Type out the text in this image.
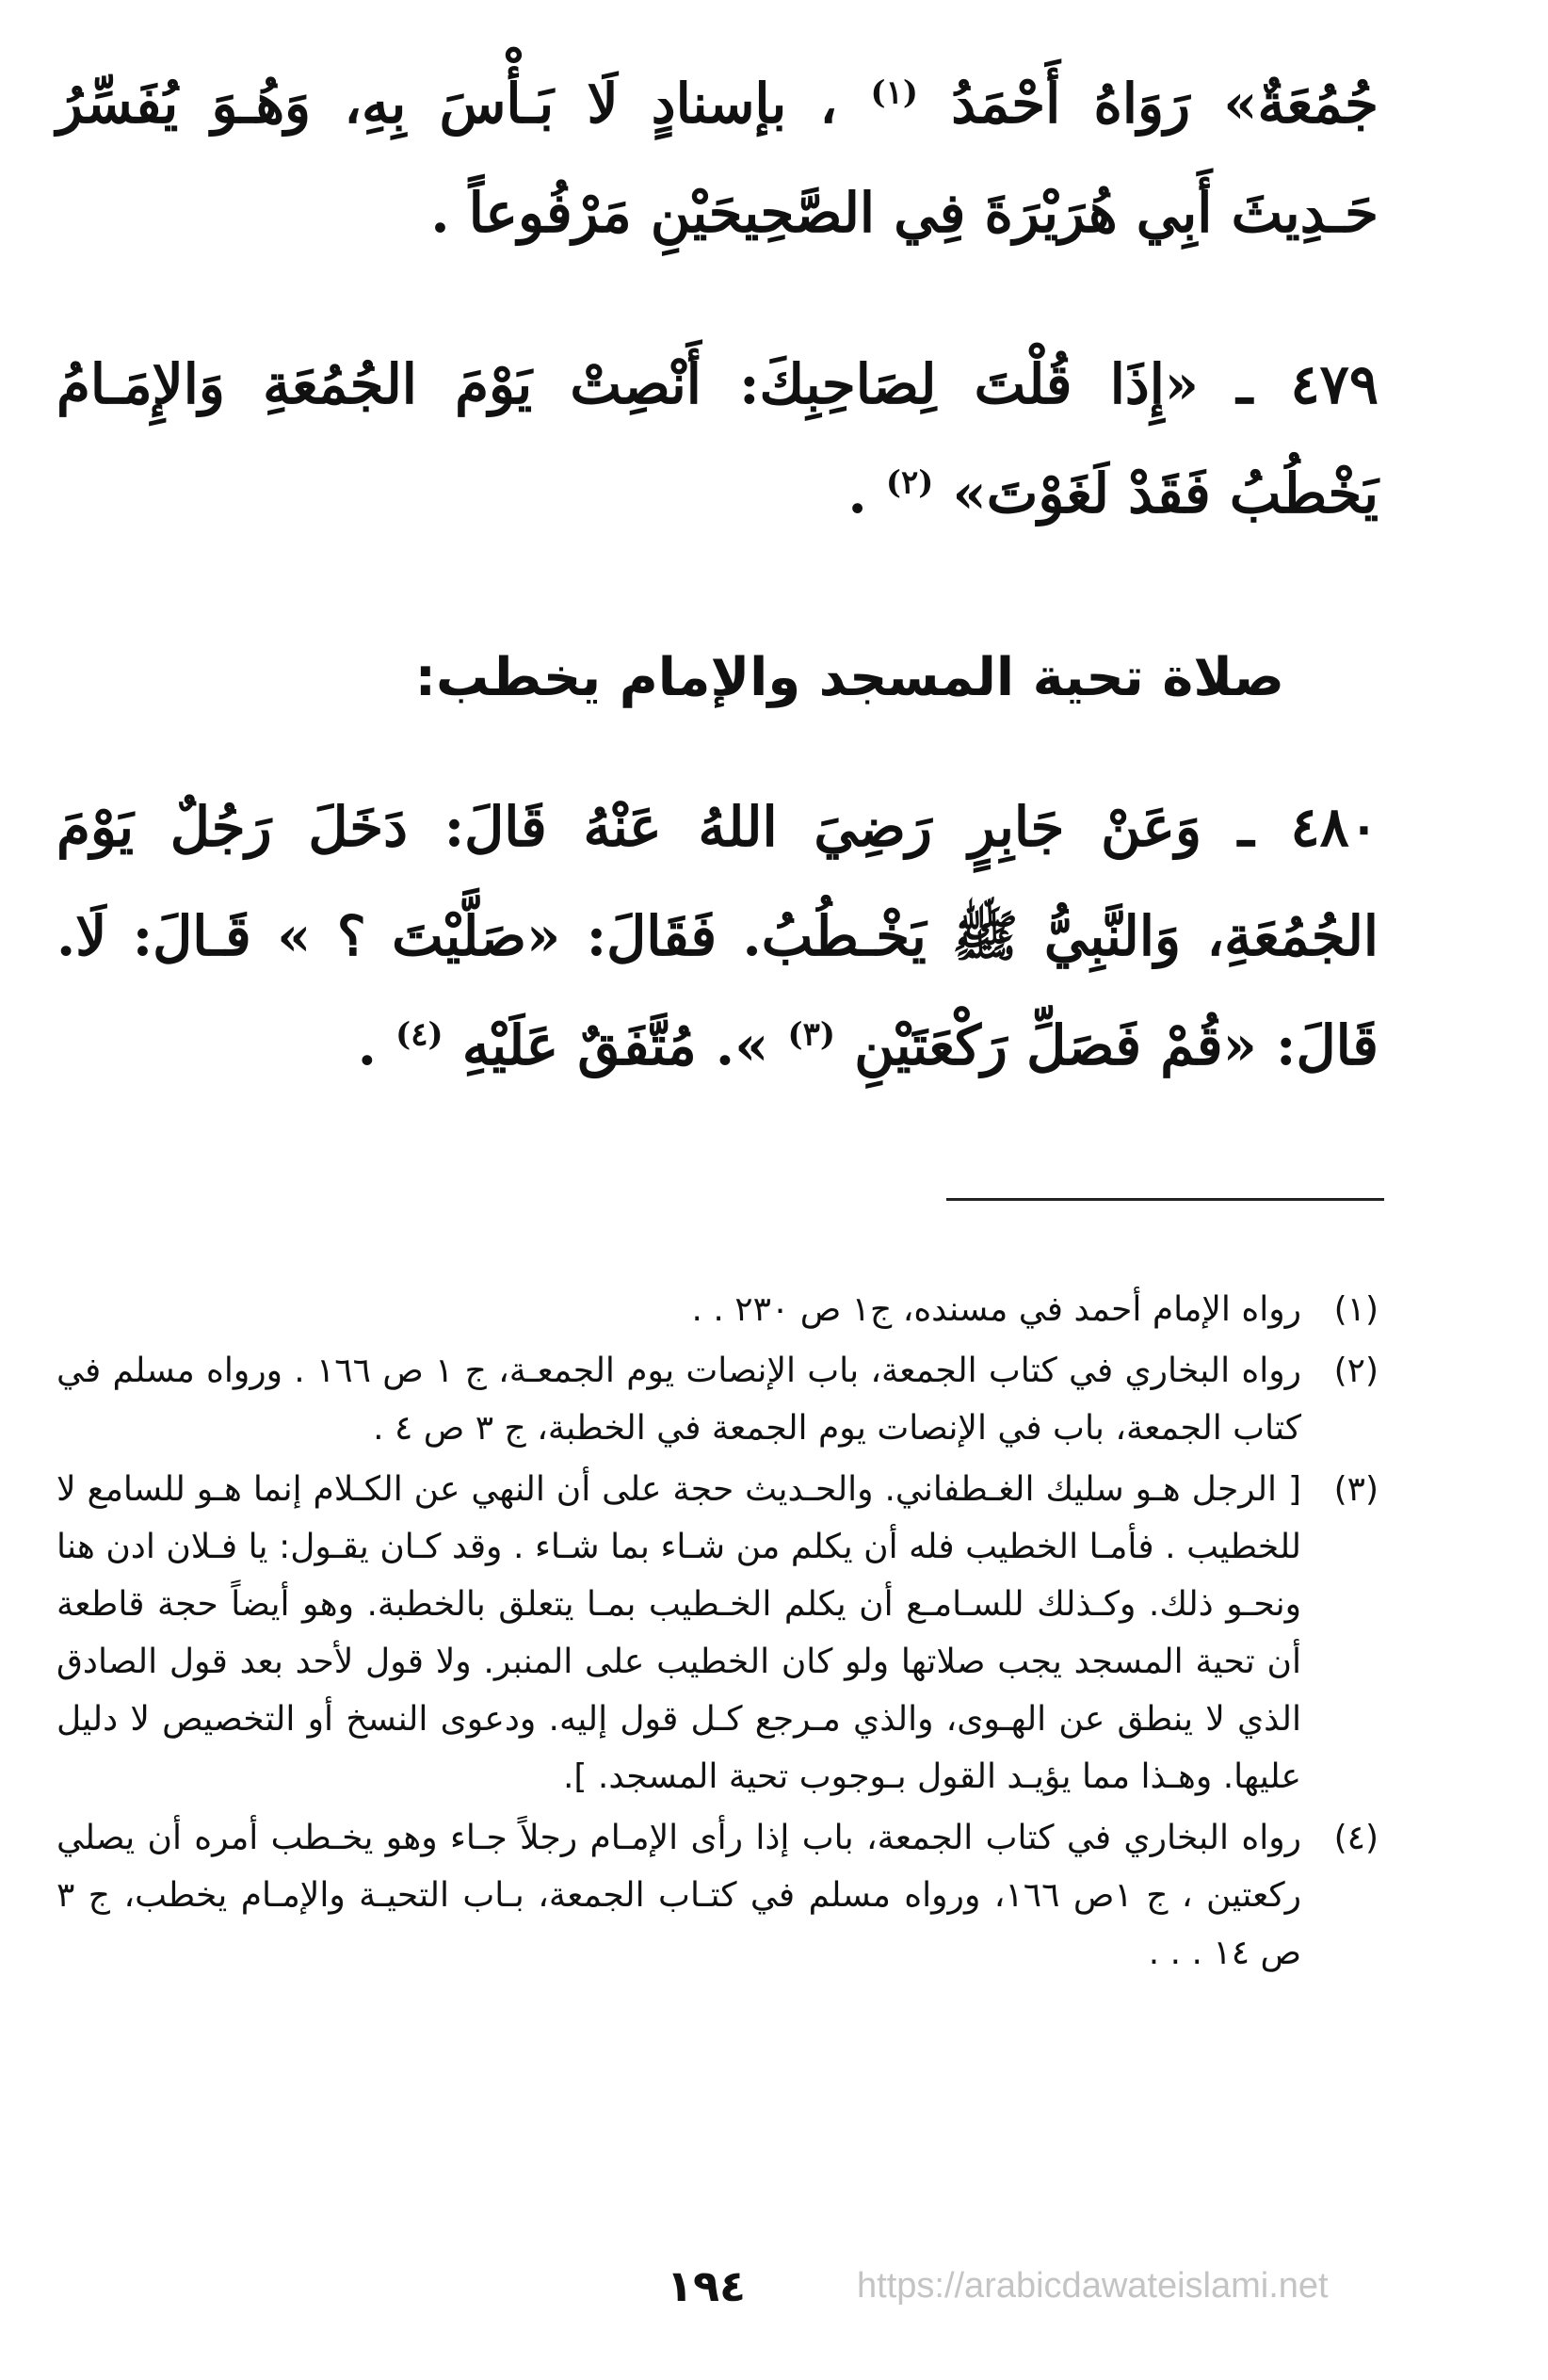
جُمُعَةٌ» رَوَاهُ أَحْمَدُ $^{(١)}$ ، بإسنادٍ لَا بَـأْسَ بِهِ، وَهُـوَ يُفَسِّرُ حَـدِيثَ أَبِي هُرَيْرَةَ فِي الصَّحِيحَيْنِ مَرْفُوعاً .

٤٧٩ ـ «إِذَا قُلْتَ لِصَاحِبِكَ: أَنْصِتْ يَوْمَ الجُمُعَةِ وَالإِمَـامُ يَخْطُبُ فَقَدْ لَغَوْتَ» $^{(٢)}$ .

صلاة تحية المسجد والإمام يخطب:

٤٨٠ ـ وَعَنْ جَابِرٍ رَضِيَ اللهُ عَنْهُ قَالَ: دَخَلَ رَجُلٌ يَوْمَ الجُمُعَةِ، وَالنَّبِيُّ ﷺ يَخْـطُبُ. فَقَالَ: «صَلَّيْتَ ؟ » قَـالَ: لَا. قَالَ: «قُمْ فَصَلِّ رَكْعَتَيْنِ $^{(٣)}$ ». مُتَّفَقٌ عَلَيْهِ $^{(٤)}$ .

(١)
رواه الإمام أحمد في مسنده، ج١ ص ٢٣٠ . .
(٢)
رواه البخاري في كتاب الجمعة، باب الإنصات يوم الجمعـة، ج ١ ص ١٦٦ . ورواه مسلم في كتاب الجمعة، باب في الإنصات يوم الجمعة في الخطبة، ج ٣ ص ٤ .
(٣)
[ الرجل هـو سليك الغـطفاني. والحـديث حجة على أن النهي عن الكـلام إنما هـو للسامع لا للخطيب . فأمـا الخطيب فله أن يكلم من شـاء بما شـاء . وقد كـان يقـول: يا فـلان ادن هنا ونحـو ذلك. وكـذلك للسـامـع أن يكلم الخـطيب بمـا يتعلق بالخطبة. وهو أيضاً حجة قاطعة أن تحية المسجد يجب صلاتها ولو كان الخطيب على المنبر. ولا قول لأحد بعد قول الصادق الذي لا ينطق عن الهـوى، والذي مـرجع كـل قول إليه. ودعوى النسخ أو التخصيص لا دليل عليها. وهـذا مما يؤيـد القول بـوجوب تحية المسجد. ].
(٤)
رواه البخاري في كتاب الجمعة، باب إذا رأى الإمـام رجلاً جـاء وهو يخـطب أمره أن يصلي ركعتين ، ج ١ص ١٦٦، ورواه مسلم في كتـاب الجمعة، بـاب التحيـة والإمـام يخطب، ج ٣ ص ١٤ . . .
١٩٤	https://arabicdawateislami.net
